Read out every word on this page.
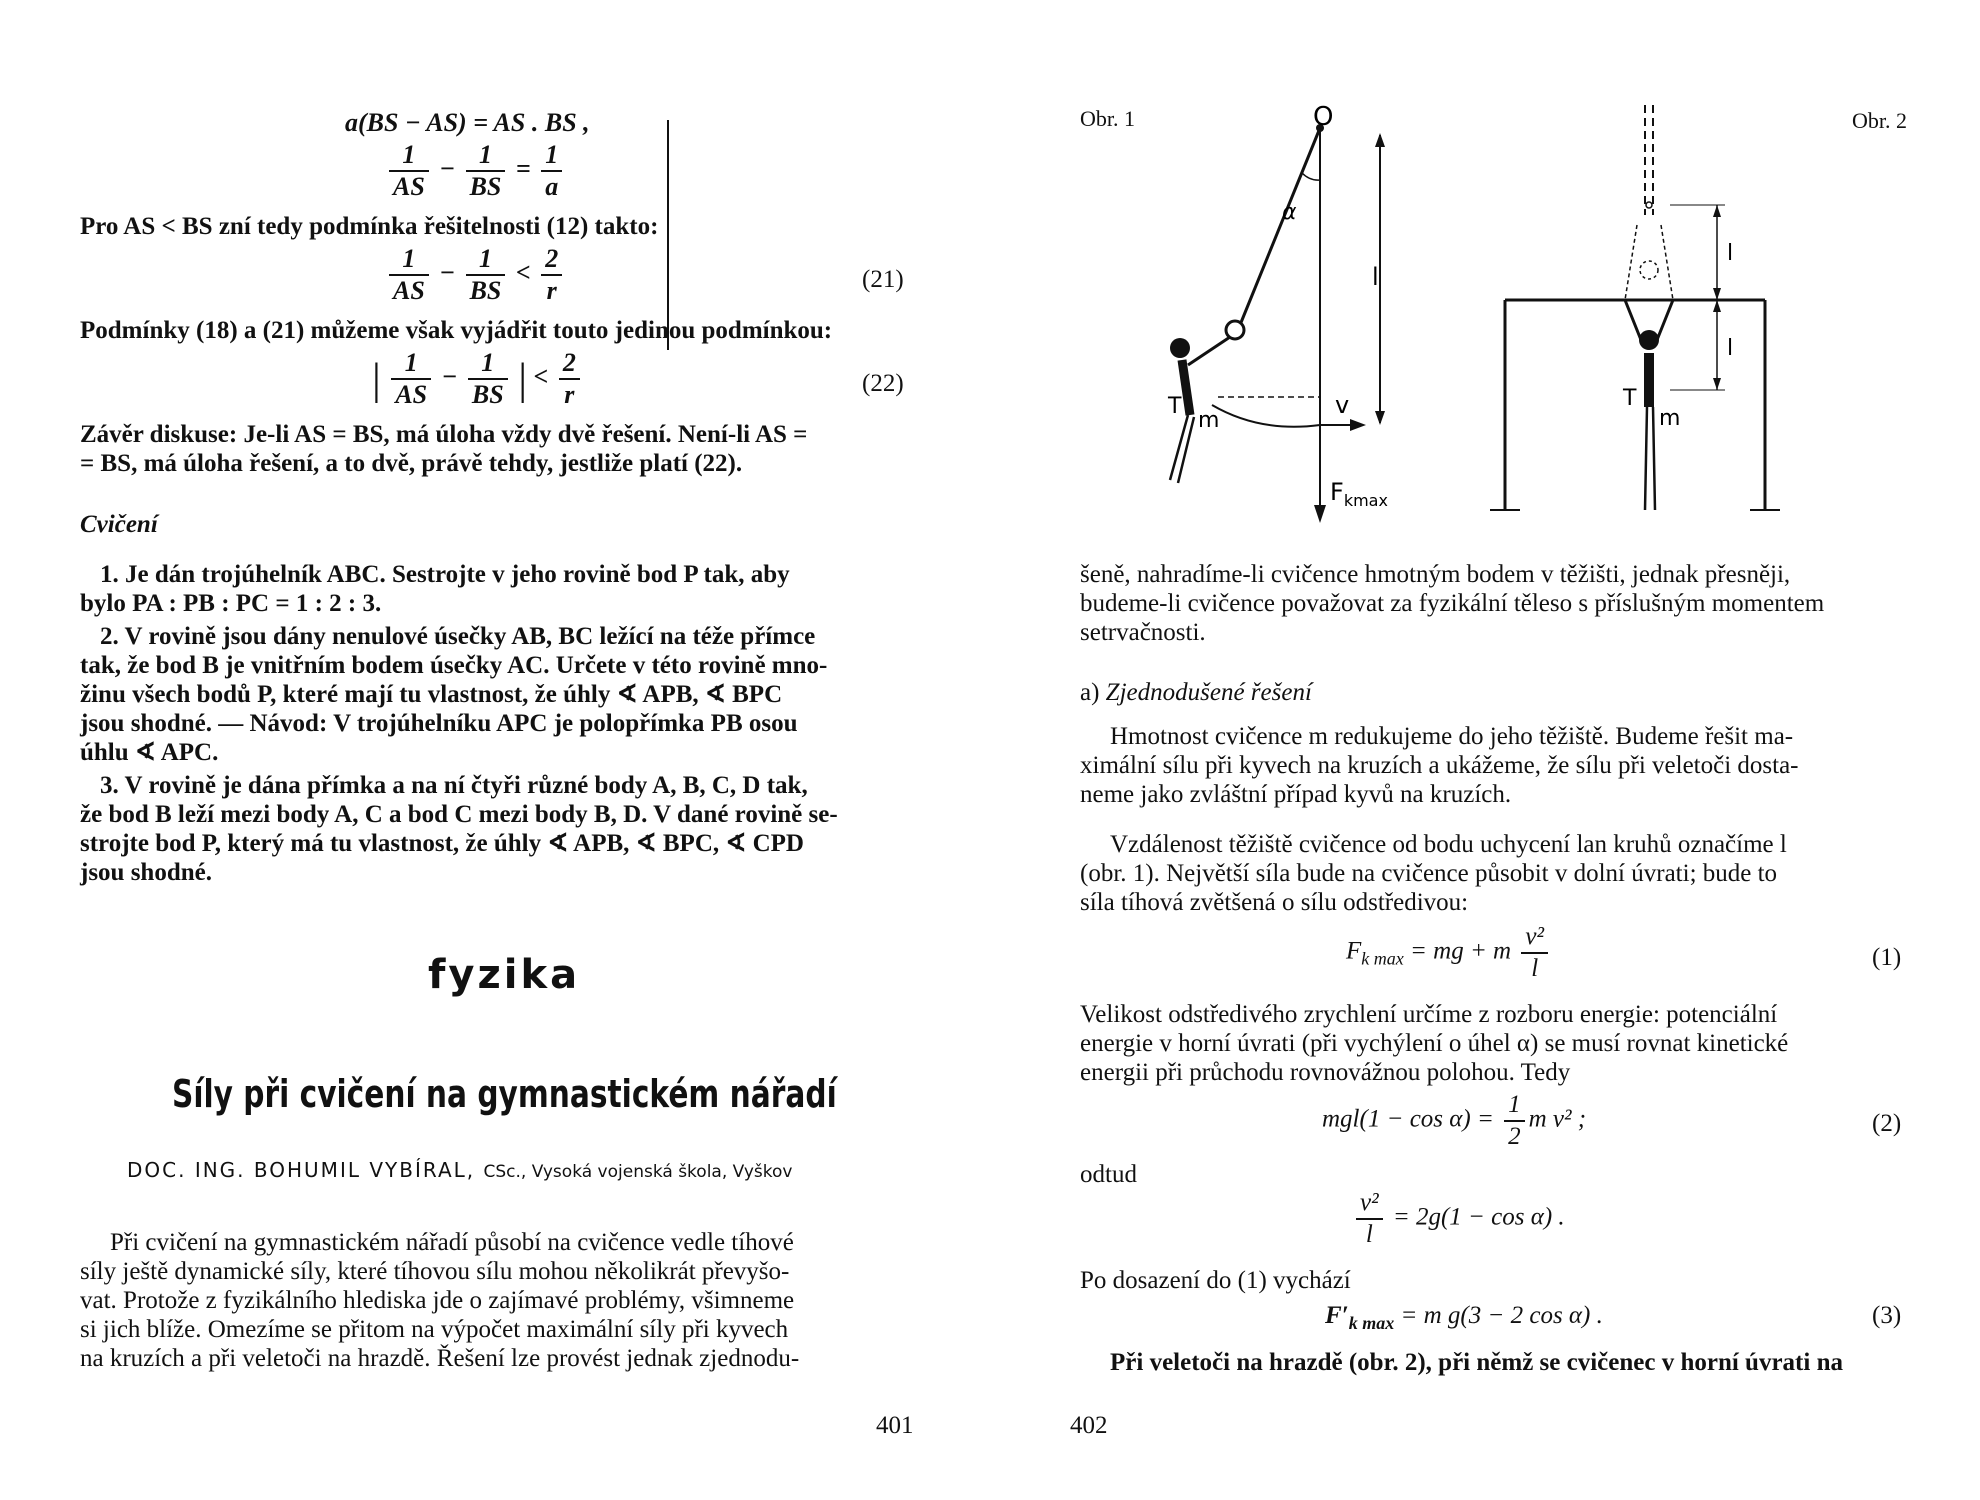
a(BS − AS) = AS . BS ,
$\frac{1}{AS} - \frac{1}{BS} = \frac{1}{a}$
Pro AS < BS zní tedy podmínka řešitelnosti (12) takto:
$\frac{1}{AS} - \frac{1}{BS} < \frac{2}{r}$	(21)
Podmínky (18) a (21) můžeme však vyjádřit touto jedinou podmínkou:
| $\frac{1}{AS} - \frac{1}{BS}$ | < $\frac{2}{r}$	(22)
Závěr diskuse: Je-li AS = BS, má úloha vždy dvě řešení. Není-li AS =
= BS, má úloha řešení, a to dvě, právě tehdy, jestliže platí (22).
Cvičení
1. Je dán trojúhelník ABC. Sestrojte v jeho rovině bod P tak, aby
bylo PA : PB : PC = 1 : 2 : 3.
2. V rovině jsou dány nenulové úsečky AB, BC ležící na téže přímce
tak, že bod B je vnitřním bodem úsečky AC. Určete v této rovině mno-
žinu všech bodů P, které mají tu vlastnost, že úhly ∢ APB, ∢ BPC
jsou shodné. — Návod: V trojúhelníku APC je polopřímka PB osou
úhlu ∢ APC.
3. V rovině je dána přímka a na ní čtyři různé body A, B, C, D tak,
že bod B leží mezi body A, C a bod C mezi body B, D. V dané rovině se-
strojte bod P, který má tu vlastnost, že úhly ∢ APB, ∢ BPC, ∢ CPD
jsou shodné.
fyzika
Síly při cvičení na gymnastickém nářadí
DOC. ING. BOHUMIL VYBÍRAL, CSc., Vysoká vojenská škola, Vyškov
Při cvičení na gymnastickém nářadí působí na cvičence vedle tíhové
síly ještě dynamické síly, které tíhovou sílu mohou několikrát převyšo-
vat. Protože z fyzikálního hlediska jde o zajímavé problémy, všimneme
si jich blíže. Omezíme se přitom na výpočet maximální síly při kyvech
na kruzích a při veletoči na hrazdě. Řešení lze provést jednak zjednodu-
401
Obr. 1	Obr. 2
α
O
l
v
$F_{kmax}$
T
m
T
m
l
l
šeně, nahradíme-li cvičence hmotným bodem v těžišti, jednak přesněji,
budeme-li cvičence považovat za fyzikální těleso s příslušným momentem
setrvačnosti.
a) Zjednodušené řešení
Hmotnost cvičence m redukujeme do jeho těžiště. Budeme řešit ma-
ximální sílu při kyvech na kruzích a ukážeme, že sílu při veletoči dosta-
neme jako zvláštní případ kyvů na kruzích.
Vzdálenost těžiště cvičence od bodu uchycení lan kruhů označíme l
(obr. 1). Největší síla bude na cvičence působit v dolní úvrati; bude to
síla tíhová zvětšená o sílu odstředivou:
$F_{k max}$ = mg + m $\frac{\text{v²}}{l}$	(1)
Velikost odstředivého zrychlení určíme z rozboru energie: potenciální
energie v horní úvrati (při vychýlení o úhel α) se musí rovnat kinetické
energii při průchodu rovnovážnou polohou. Tedy
$mgl(1 - \cos \alpha) = \frac{1}{2}$ m v² ;	(2)
odtud
$\frac{\text{v²}}{l} = 2g(1 - \cos \alpha)$ .
Po dosazení do (1) vychází
$F'_{k max} = m$ g(3 − 2 cos α) .	(3)
Při veletoči na hrazdě (obr. 2), při němž se cvičenec v horní úvrati na
402
